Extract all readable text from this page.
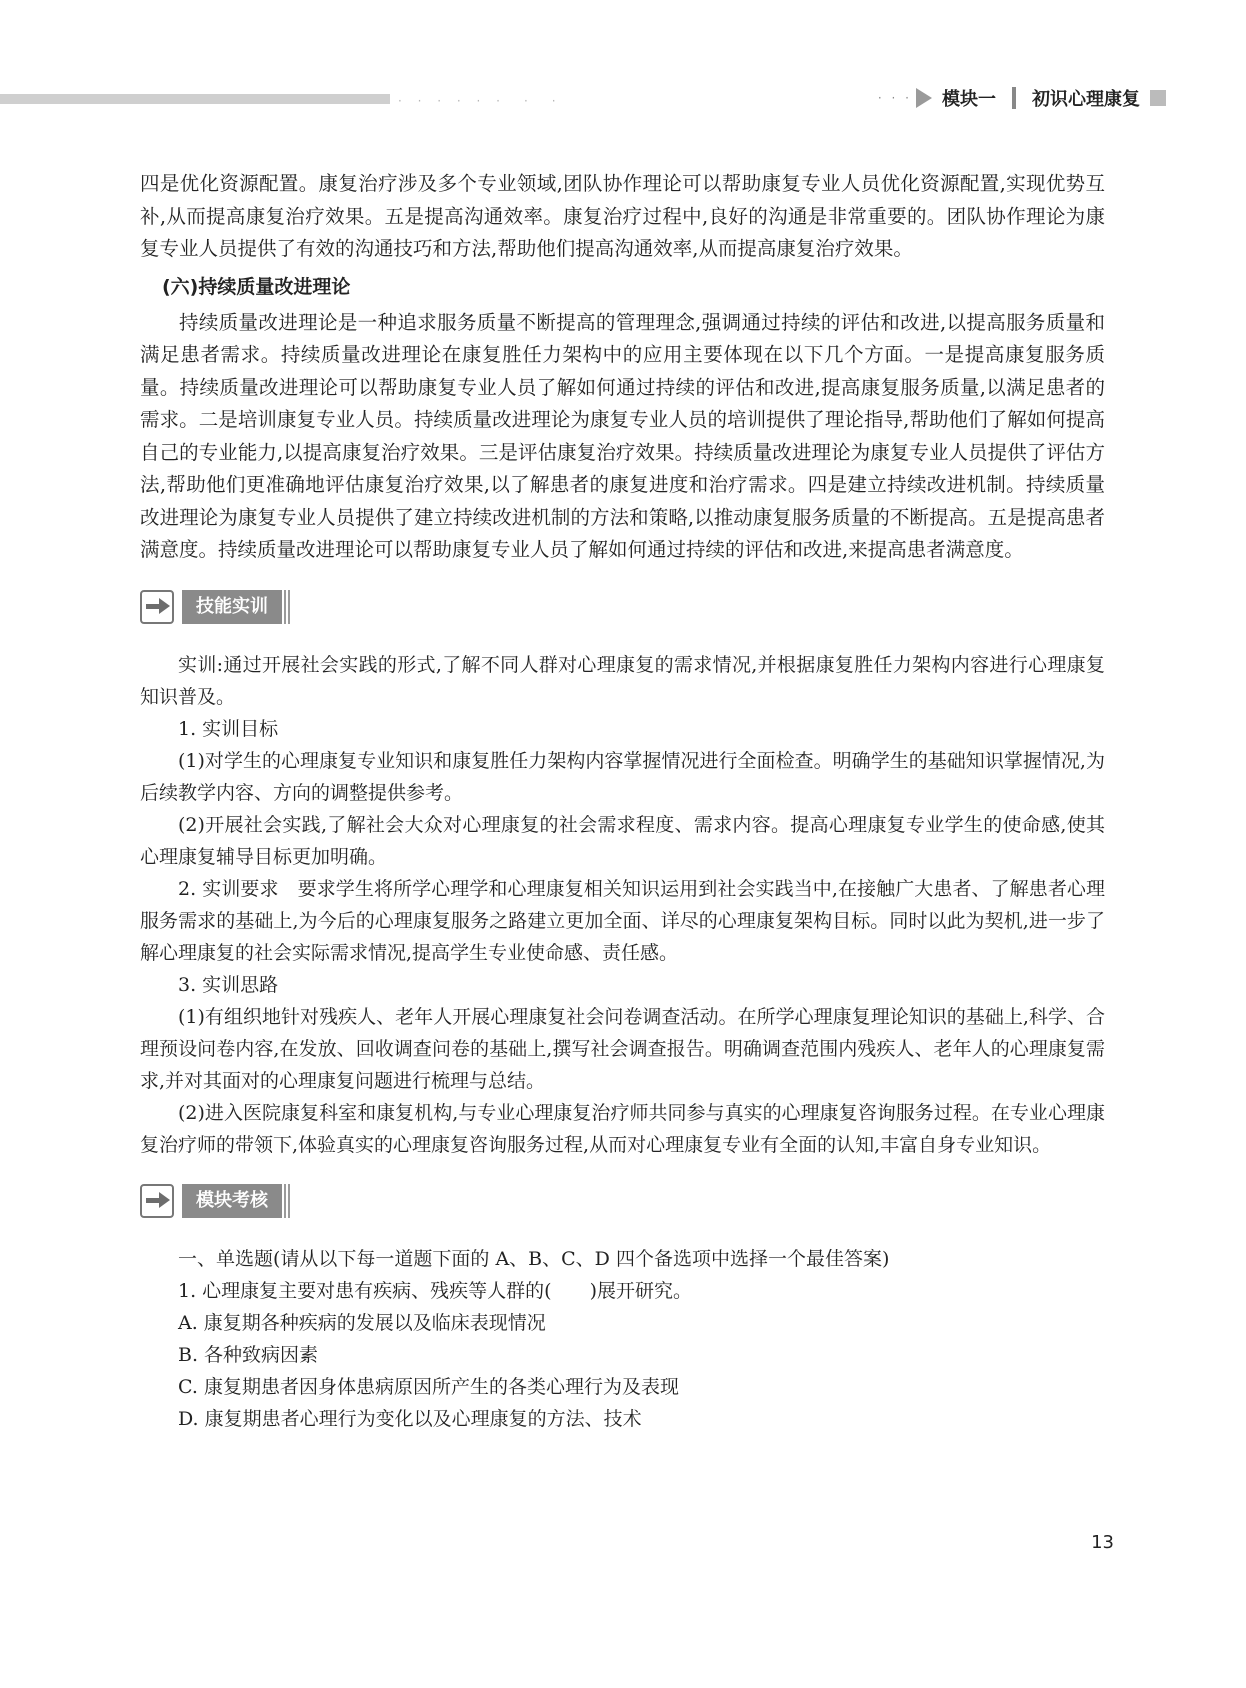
· · · · · ·　·　·	· · · 模块一 初识心理康复

四是优化资源配置。康复治疗涉及多个专业领域,团队协作理论可以帮助康复专业人员优化资源配置,实现优势互补,从而提高康复治疗效果。五是提高沟通效率。康复治疗过程中,良好的沟通是非常重要的。团队协作理论为康复专业人员提供了有效的沟通技巧和方法,帮助他们提高沟通效率,从而提高康复治疗效果。

(六)持续质量改进理论

持续质量改进理论是一种追求服务质量不断提高的管理理念,强调通过持续的评估和改进,以提高服务质量和满足患者需求。持续质量改进理论在康复胜任力架构中的应用主要体现在以下几个方面。一是提高康复服务质量。持续质量改进理论可以帮助康复专业人员了解如何通过持续的评估和改进,提高康复服务质量,以满足患者的需求。二是培训康复专业人员。持续质量改进理论为康复专业人员的培训提供了理论指导,帮助他们了解如何提高自己的专业能力,以提高康复治疗效果。三是评估康复治疗效果。持续质量改进理论为康复专业人员提供了评估方法,帮助他们更准确地评估康复治疗效果,以了解患者的康复进度和治疗需求。四是建立持续改进机制。持续质量改进理论为康复专业人员提供了建立持续改进机制的方法和策略,以推动康复服务质量的不断提高。五是提高患者满意度。持续质量改进理论可以帮助康复专业人员了解如何通过持续的评估和改进,来提高患者满意度。

技能实训

实训:通过开展社会实践的形式,了解不同人群对心理康复的需求情况,并根据康复胜任力架构内容进行心理康复知识普及。

1. 实训目标

(1)对学生的心理康复专业知识和康复胜任力架构内容掌握情况进行全面检查。明确学生的基础知识掌握情况,为后续教学内容、方向的调整提供参考。

(2)开展社会实践,了解社会大众对心理康复的社会需求程度、需求内容。提高心理康复专业学生的使命感,使其心理康复辅导目标更加明确。

2. 实训要求　要求学生将所学心理学和心理康复相关知识运用到社会实践当中,在接触广大患者、了解患者心理服务需求的基础上,为今后的心理康复服务之路建立更加全面、详尽的心理康复架构目标。同时以此为契机,进一步了解心理康复的社会实际需求情况,提高学生专业使命感、责任感。

3. 实训思路

(1)有组织地针对残疾人、老年人开展心理康复社会问卷调查活动。在所学心理康复理论知识的基础上,科学、合理预设问卷内容,在发放、回收调查问卷的基础上,撰写社会调查报告。明确调查范围内残疾人、老年人的心理康复需求,并对其面对的心理康复问题进行梳理与总结。

(2)进入医院康复科室和康复机构,与专业心理康复治疗师共同参与真实的心理康复咨询服务过程。在专业心理康复治疗师的带领下,体验真实的心理康复咨询服务过程,从而对心理康复专业有全面的认知,丰富自身专业知识。

模块考核

一、单选题(请从以下每一道题下面的 A、B、C、D 四个备选项中选择一个最佳答案)

1. 心理康复主要对患有疾病、残疾等人群的(　　)展开研究。

A. 康复期各种疾病的发展以及临床表现情况

B. 各种致病因素

C. 康复期患者因身体患病原因所产生的各类心理行为及表现

D. 康复期患者心理行为变化以及心理康复的方法、技术

13
